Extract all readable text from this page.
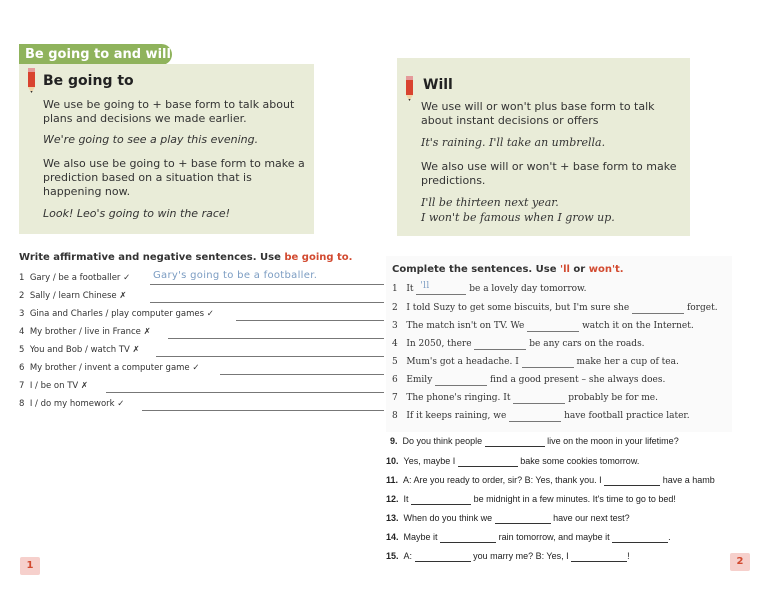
Be going to and will
Be going to
We use be going to + base form to talk about plans and decisions we made earlier.
We're going to see a play this evening.
We also use be going to + base form to make a prediction based on a situation that is happening now.
Look! Leo's going to win the race!
Will
We use will or won't plus base form to talk about instant decisions or offers
It's raining. I'll take an umbrella.
We also use will or won't + base form to make predictions.
I'll be thirteen next year.
I won't be famous when I grow up.
Write affirmative and negative sentences. Use be going to.
1 Gary / be a footballer ✓ Gary's going to be a footballer.
2 Sally / learn Chinese ✗
3 Gina and Charles / play computer games ✓
4 My brother / live in France ✗
5 You and Bob / watch TV ✗
6 My brother / invent a computer game ✓
7 I / be on TV ✗
8 I / do my homework ✓
Complete the sentences. Use 'll or won't.
1 It 'll	be a lovely day tomorrow.
2 I told Suzy to get some biscuits, but I'm sure she	forget.
3 The match isn't on TV. We	watch it on the Internet.
4 In 2050, there	be any cars on the roads.
5 Mum's got a headache. I	make her a cup of tea.
6 Emily	find a good present – she always does.
7 The phone's ringing. It	probably be for me.
8 If it keeps raining, we	have football practice later.
9. Do you think people	live on the moon in your lifetime?
10. Yes, maybe I	bake some cookies tomorrow.
11. A: Are you ready to order, sir? B: Yes, thank you. I	have a hamb
12. It	be midnight in a few minutes. It's time to go to bed!
13. When do you think we	have our next test?
14. Maybe it	rain tomorrow, and maybe it	.
15. A:	you marry me? B: Yes, I	!
1	2
